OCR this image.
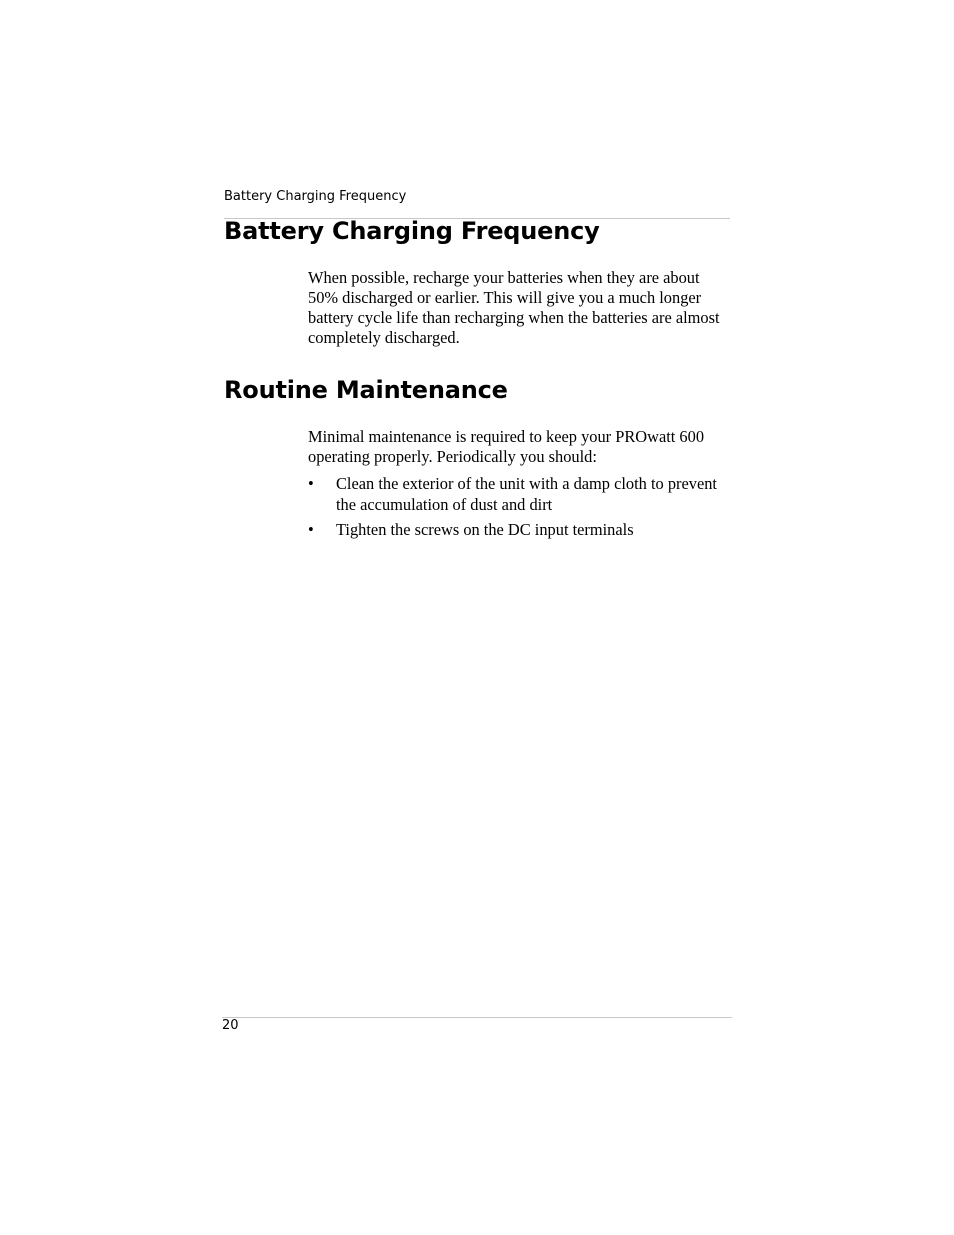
Battery Charging Frequency
Battery Charging Frequency

When possible, recharge your batteries when they are about 50% discharged or earlier. This will give you a much longer battery cycle life than recharging when the batteries are almost completely discharged.

Routine Maintenance

Minimal maintenance is required to keep your PROwatt 600 operating properly. Periodically you should:

• Clean the exterior of the unit with a damp cloth to prevent the accumulation of dust and dirt
• Tighten the screws on the DC input terminals
20
